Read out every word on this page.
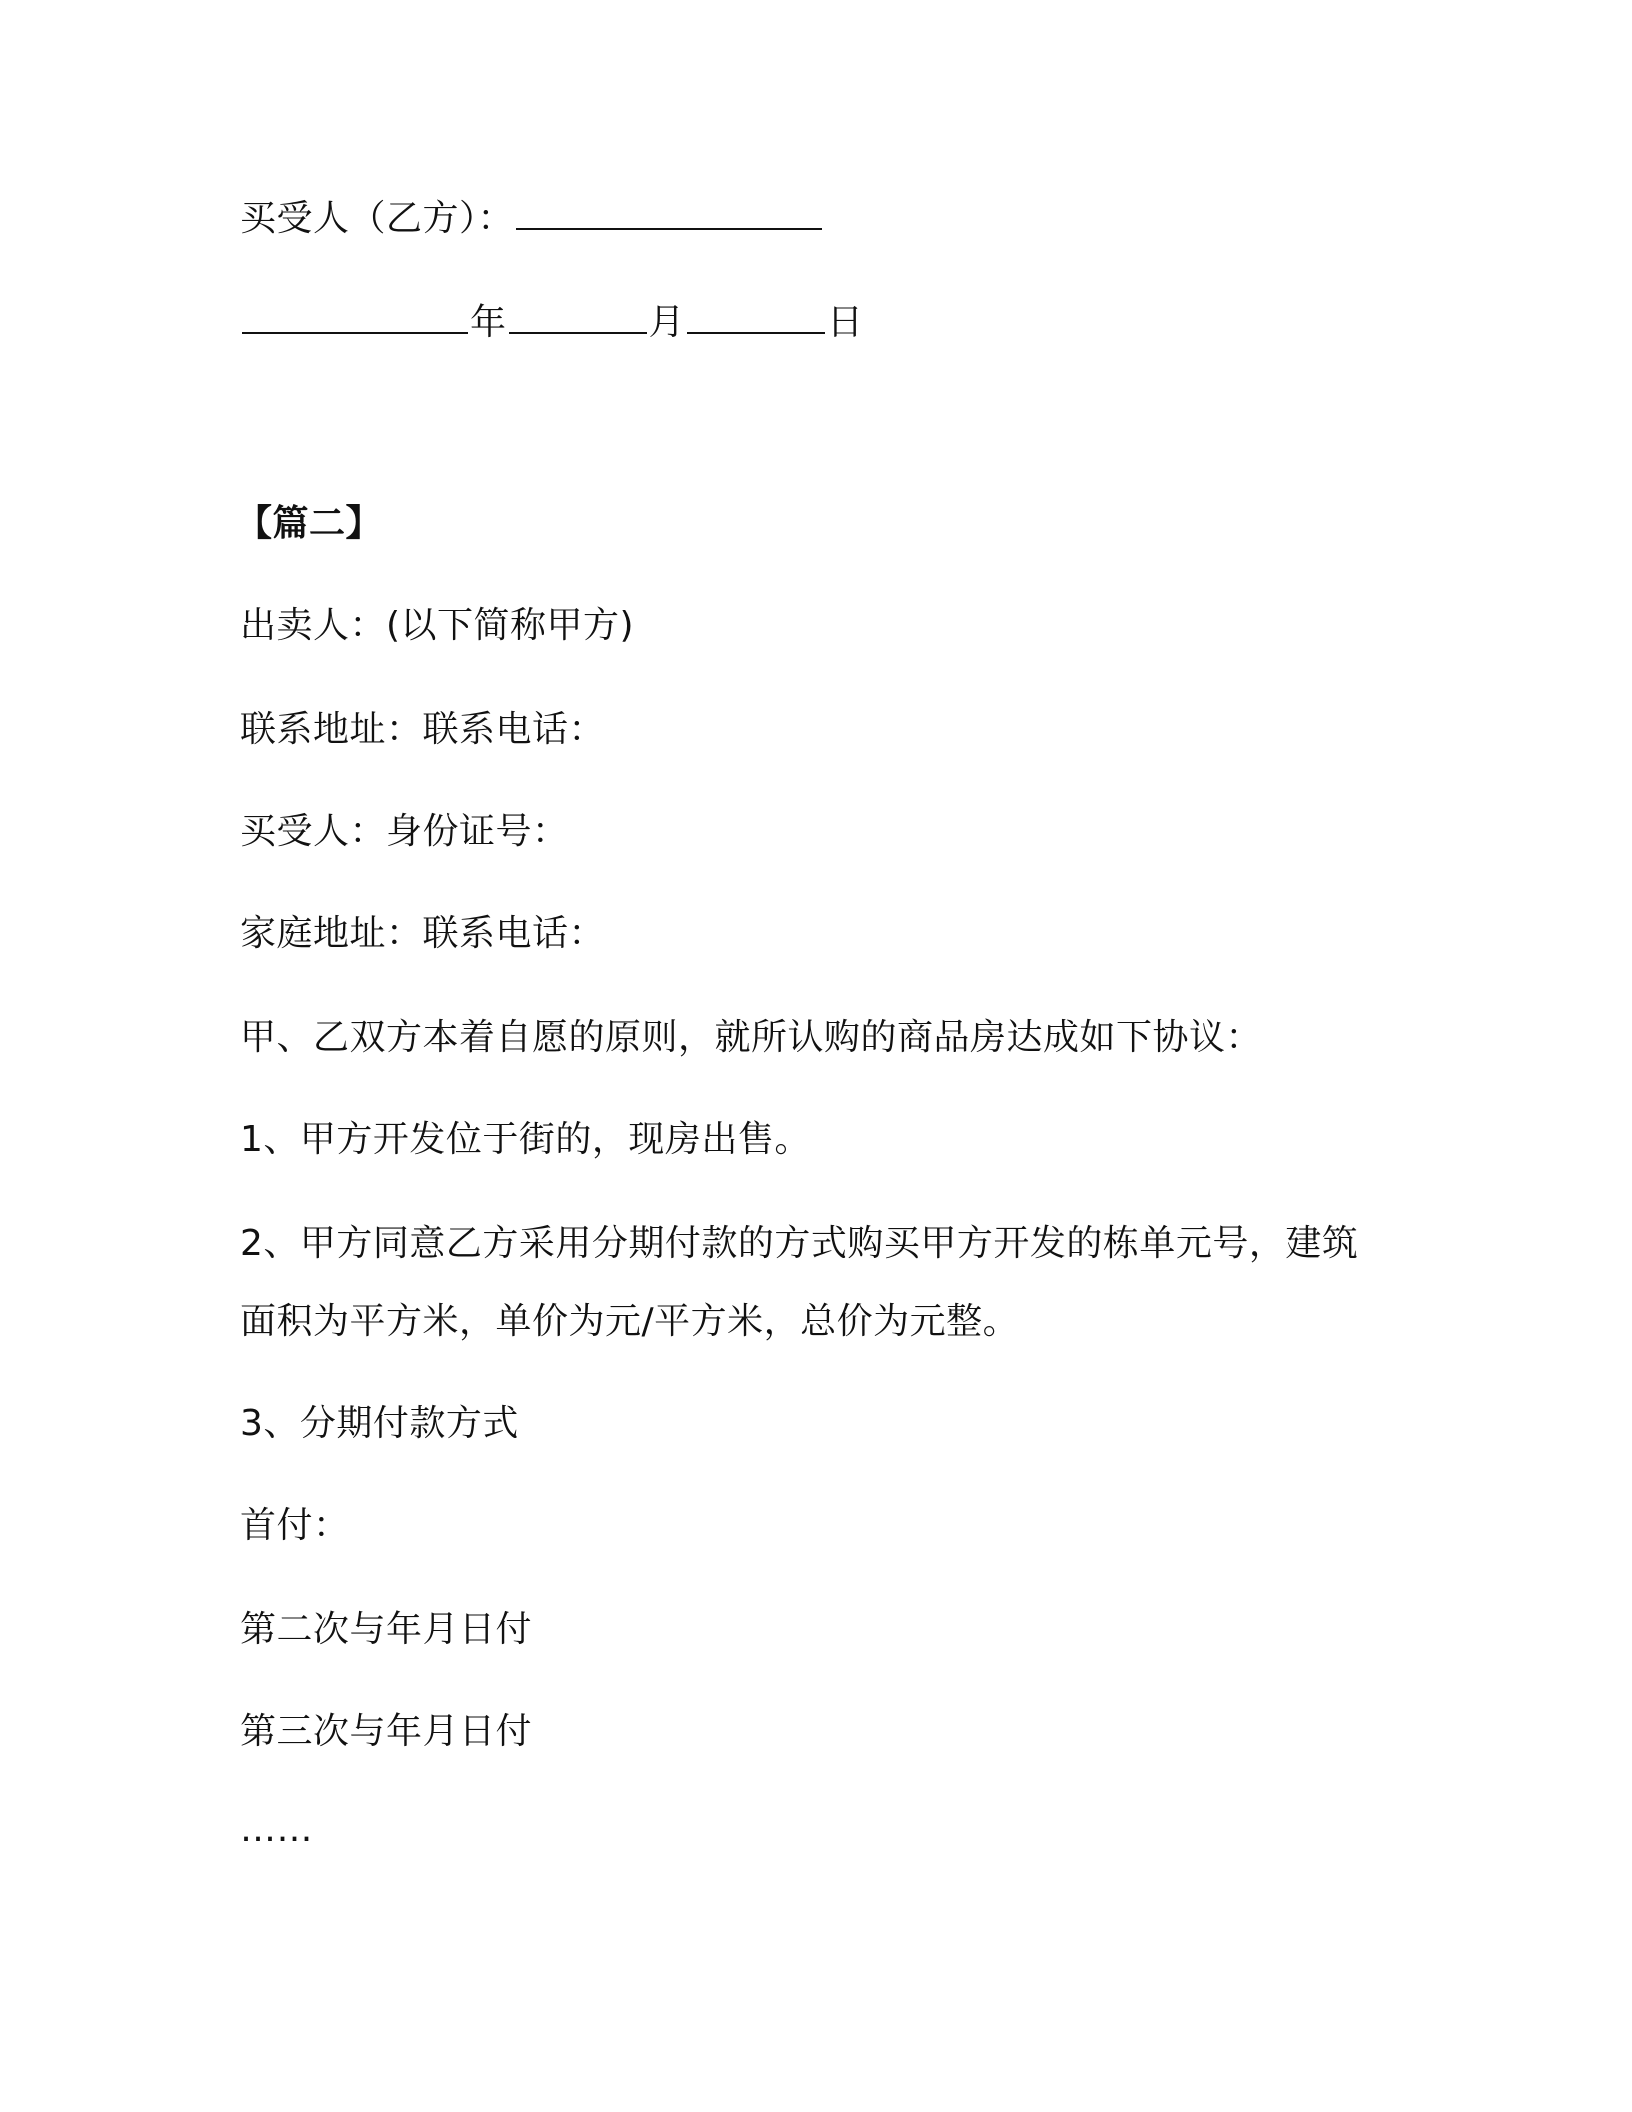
买受人（乙方）：
年	月	日
【篇二】
出卖人：(以下简称甲方)
联系地址：联系电话：
买受人：身份证号：
家庭地址：联系电话：
甲、乙双方本着自愿的原则，就所认购的商品房达成如下协议：
1、甲方开发位于街的，现房出售。
2、甲方同意乙方采用分期付款的方式购买甲方开发的栋单元号，建筑
面积为平方米，单价为元/平方米，总价为元整。
3、分期付款方式
首付：
第二次与年月日付
第三次与年月日付
……
